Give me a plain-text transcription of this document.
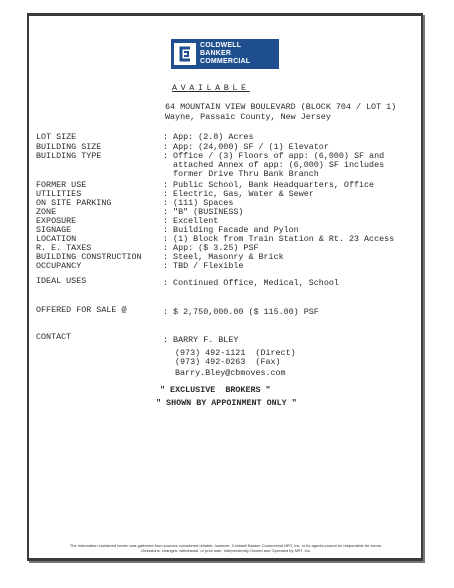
COLDWELL
BANKER
COMMERCIAL
AVAILABLE
64 MOUNTAIN VIEW BOULEVARD (BLOCK 704 / LOT 1)
Wayne, Passaic County, New Jersey
LOT SIZE	: App: (2.8) Acres
BUILDING SIZE	: App: (24,000) SF / (1) Elevator
BUILDING TYPE	: Office / (3) Floors of app: (6,000) SF and
attached Annex of app: (6,000) SF includes
former Drive Thru Bank Branch
FORMER USE	: Public School, Bank Headquarters, Office
UTILITIES	: Electric, Gas, Water & Sewer
ON SITE PARKING	: (111) Spaces
ZONE	: "B" (BUSINESS)
EXPOSURE	: Excellent
SIGNAGE	: Building Facade and Pylon
LOCATION	: (1) Block from Train Station & Rt. 23 Access
R. E. TAXES	: App: ($ 3.25) PSF
BUILDING CONSTRUCTION	: Steel, Masonry & Brick
OCCUPANCY	: TBD / Flexible
IDEAL USES	: Continued Office, Medical, School
OFFERED FOR SALE @	: $ 2,750,000.00 ($ 115.00) PSF
CONTACT	: BARRY F. BLEY
(973) 492-1121  (Direct)
(973) 492-0263  (Fax)
Barry.Bley@cbmoves.com
" EXCLUSIVE  BROKERS "
" SHOWN BY APPOINMENT ONLY "
The information contained herein was gathered from sources considered reliable, however, Coldwell Banker Commercial NRT, Inc. or its agents cannot be responsible for errors.
Omissions, changes, withdrawal, or prior sale. Independently Owned and Operated by NRT, Inc.
